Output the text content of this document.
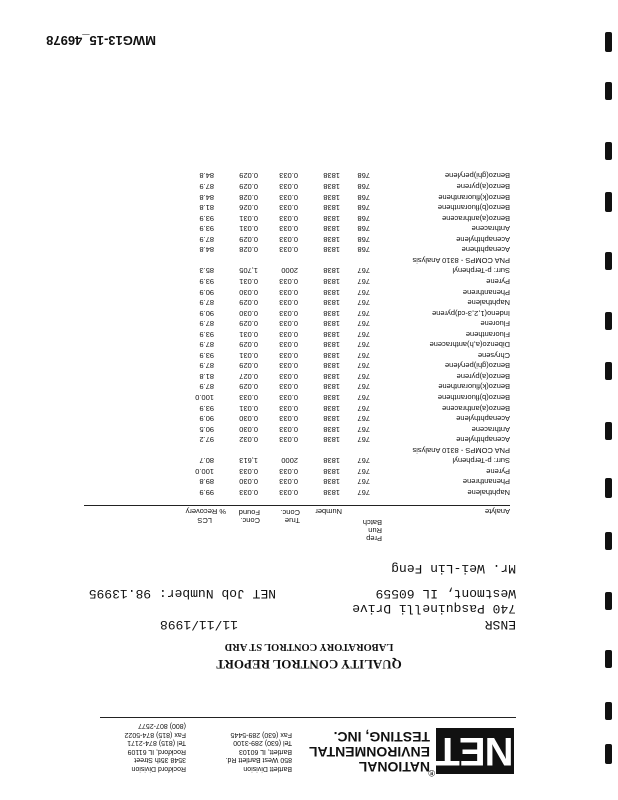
NET
®
NATIONAL
ENVIRONMENTAL
TESTING, INC.
Bartlett Division
850 West Bartlett Rd.
Bartlett, IL 60103
Tel (630) 289-3100
Fax (630) 289-5445
Rockford Division
3548 35th Street
Rockford, IL 61109
Tel (815) 874-2171
Fax (815) 874-5022
(800) 807-2577
QUALITY CONTROL REPORT
LABORATORY CONTROL ST ARD
ENSR
11/11/1998
740 Pasquinelli Drive
Westmont, IL 60559
NET Job Number: 98.13995
Mr. Wei-Lin Feng
Analyte
Prep
Run
Batch
Number
True
Conc.
Conc.
Found
% Recovery
LCS
Naphthalene
767
1838
0.033
0.033
99.9
Phenanthrene
767
1838
0.033
0.030
89.8
Pyrene
767
1838
0.033
0.033
100.0
Surr: p-Terphenyl
767
1838
2000
1,613
80.7
PNA COMPS - 8310 Analysis
Acenaphthylene
767
1838
0.033
0.032
97.2
Anthracene
767
1838
0.033
0.030
90.5
Acenaphthylene
767
1838
0.033
0.030
90.9
Benzo(a)anthracene
767
1838
0.033
0.031
93.9
Benzo(b)fluoranthene
767
1838
0.033
0.033
100.0
Benzo(k)fluoranthene
767
1838
0.033
0.029
87.9
Benzo(a)pyrene
767
1838
0.033
0.027
81.8
Benzo(ghi)perylene
767
1838
0.033
0.029
87.9
Chrysene
767
1838
0.033
0.031
93.9
Dibenzo(a,h)anthracene
767
1838
0.033
0.029
87.9
Fluoranthene
767
1838
0.033
0.031
93.9
Fluorene
767
1838
0.033
0.029
87.9
Indeno(1,2,3-cd)pyrene
767
1838
0.033
0.030
90.9
Naphthalene
767
1838
0.033
0.029
87.9
Phenanthrene
767
1838
0.033
0.030
90.9
Pyrene
767
1838
0.033
0.031
93.9
Surr: p-Terphenyl
767
1838
2000
1,705
85.3
PNA COMPS - 8310 Analysis
Acenaphthene
768
1838
0.033
0.028
84.8
Acenaphthylene
768
1838
0.033
0.029
87.9
Anthracene
768
1838
0.033
0.031
93.9
Benzo(a)anthracene
768
1838
0.033
0.031
93.9
Benzo(b)fluoranthene
768
1838
0.033
0.026
81.8
Benzo(k)fluoranthene
768
1838
0.033
0.028
84.8
Benzo(a)pyrene
768
1838
0.033
0.029
87.9
Benzo(ghi)perylene
768
1838
0.033
0.029
84.8
MWG13-15_46978
